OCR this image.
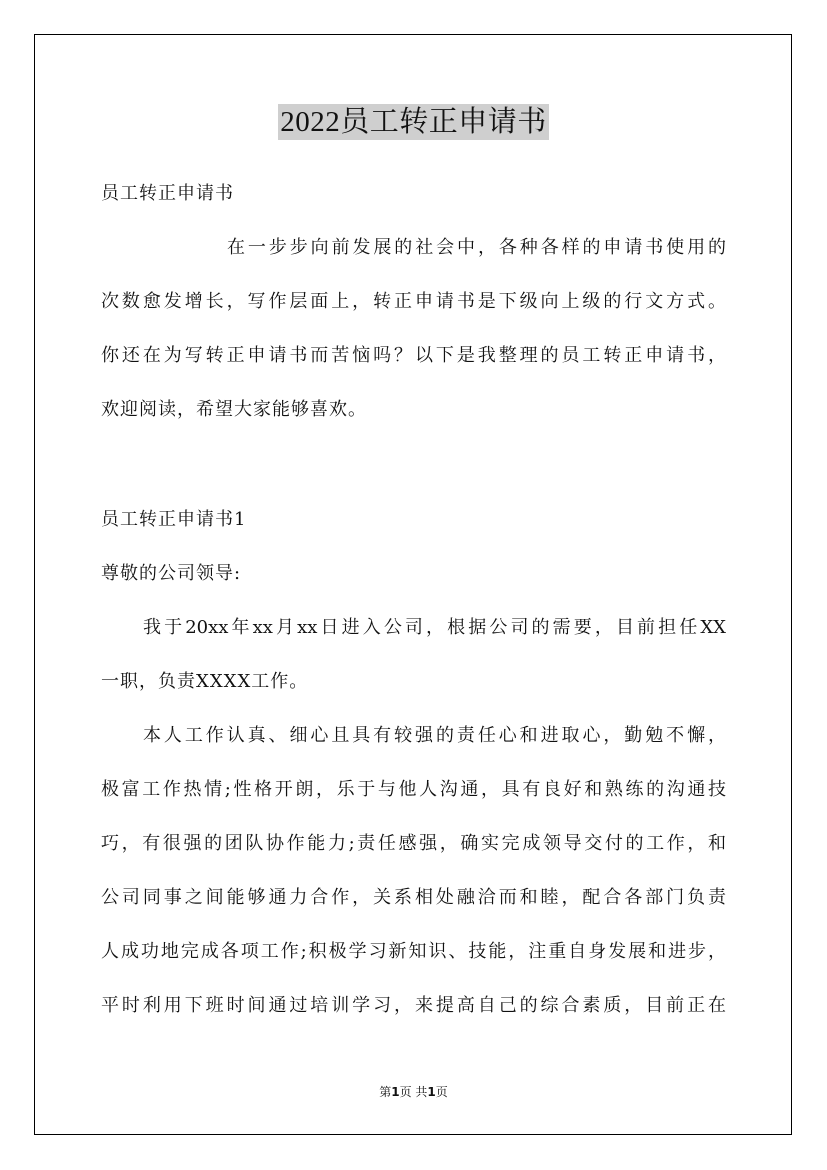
2022员工转正申请书
员工转正申请书
在一步步向前发展的社会中，各种各样的申请书使用的
次数愈发增长，写作层面上，转正申请书是下级向上级的行文方式。
你还在为写转正申请书而苦恼吗？以下是我整理的员工转正申请书，
欢迎阅读，希望大家能够喜欢。
员工转正申请书1
尊敬的公司领导:
我于20xx年xx月xx日进入公司，根据公司的需要，目前担任XX
一职，负责XXXX工作。
本人工作认真、细心且具有较强的责任心和进取心，勤勉不懈，
极富工作热情;性格开朗，乐于与他人沟通，具有良好和熟练的沟通技
巧，有很强的团队协作能力;责任感强，确实完成领导交付的工作，和
公司同事之间能够通力合作，关系相处融洽而和睦，配合各部门负责
人成功地完成各项工作;积极学习新知识、技能，注重自身发展和进步，
平时利用下班时间通过培训学习，来提高自己的综合素质，目前正在
第1页 共1页
